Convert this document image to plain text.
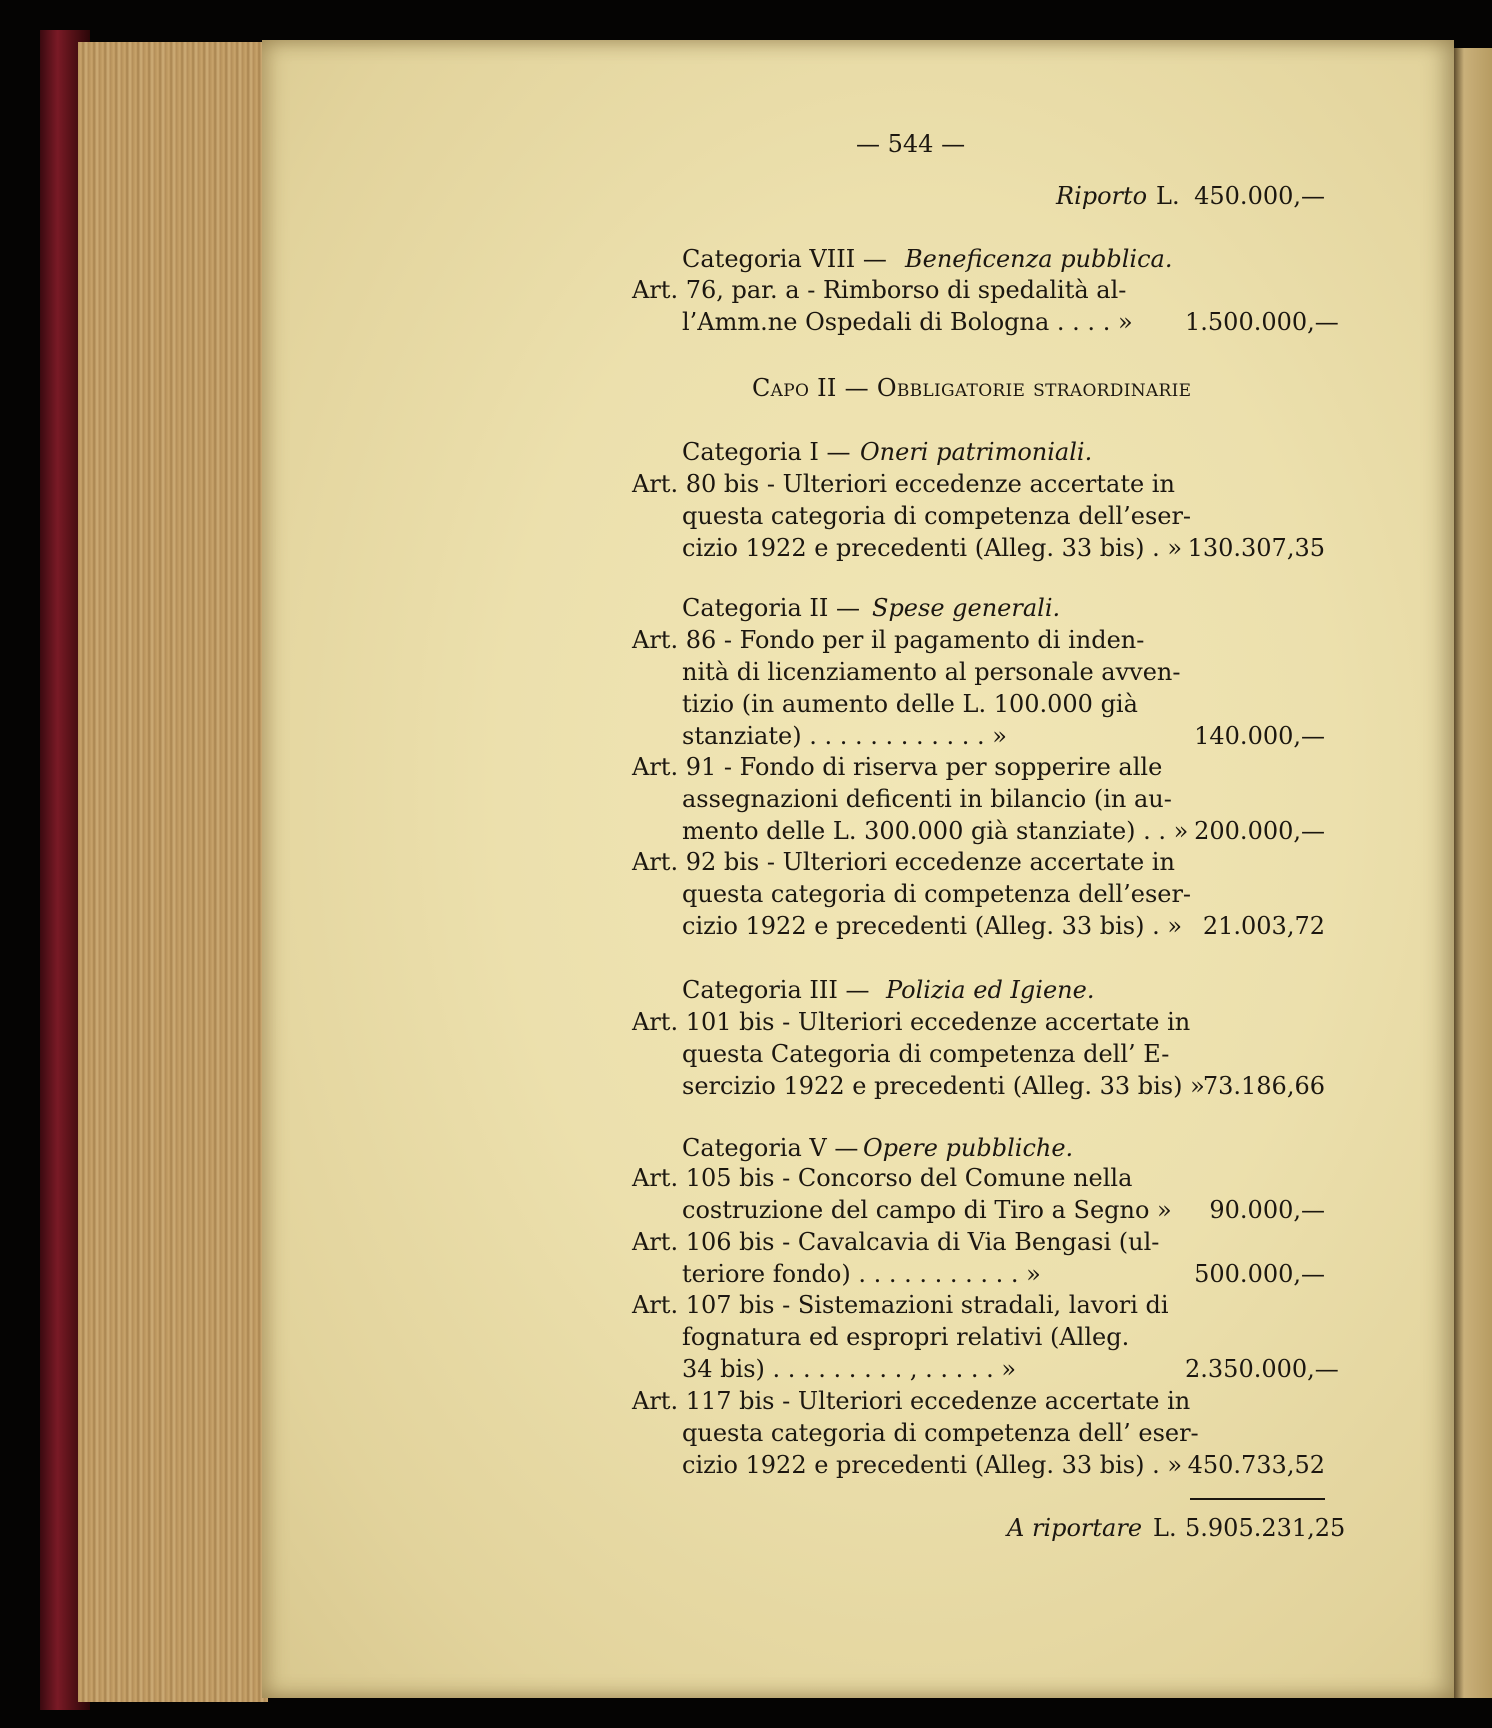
— 544 —
Riporto L. 450.000,—
Categoria VIII — Beneficenza pubblica.
Art. 76, par. a - Rimborso di spedalità al-
l’Amm.ne Ospedali di Bologna . . . . » 1.500.000,—
Capo II — Obbligatorie straordinarie
Categoria I — Oneri patrimoniali.
Art. 80 bis - Ulteriori eccedenze accertate in
questa categoria di competenza dell’eser-
cizio 1922 e precedenti (Alleg. 33 bis) . » 130.307,35
Categoria II — Spese generali.
Art. 86 - Fondo per il pagamento di inden-
nità di licenziamento al personale avven-
tizio (in aumento delle L. 100.000 già
stanziate) . . . . . . . . . . . . »	140.000,—
Art. 91 - Fondo di riserva per sopperire alle
assegnazioni deficenti in bilancio (in au-
mento delle L. 300.000 già stanziate) . . » 200.000,—
Art. 92 bis - Ulteriori eccedenze accertate in
questa categoria di competenza dell’eser-
cizio 1922 e precedenti (Alleg. 33 bis) . » 21.003,72
Categoria III — Polizia ed Igiene.
Art. 101 bis - Ulteriori eccedenze accertate in
questa Categoria di competenza dell’ E-
sercizio 1922 e precedenti (Alleg. 33 bis) »
73.186,66
Categoria V — Opere pubbliche.
Art. 105 bis - Concorso del Comune nella
costruzione del campo di Tiro a Segno »	90.000,—
Art. 106 bis - Cavalcavia di Via Bengasi (ul-
teriore fondo) . . . . . . . . . . . »	500.000,—
Art. 107 bis - Sistemazioni stradali, lavori di
fognatura ed espropri relativi (Alleg.
34 bis) . . . . . . . . . , . . . . . »	2.350.000,—
Art. 117 bis - Ulteriori eccedenze accertate in
questa categoria di competenza dell’ eser-
cizio 1922 e precedenti (Alleg. 33 bis) . » 450.733,52
A riportare L. 5.905.231,25
